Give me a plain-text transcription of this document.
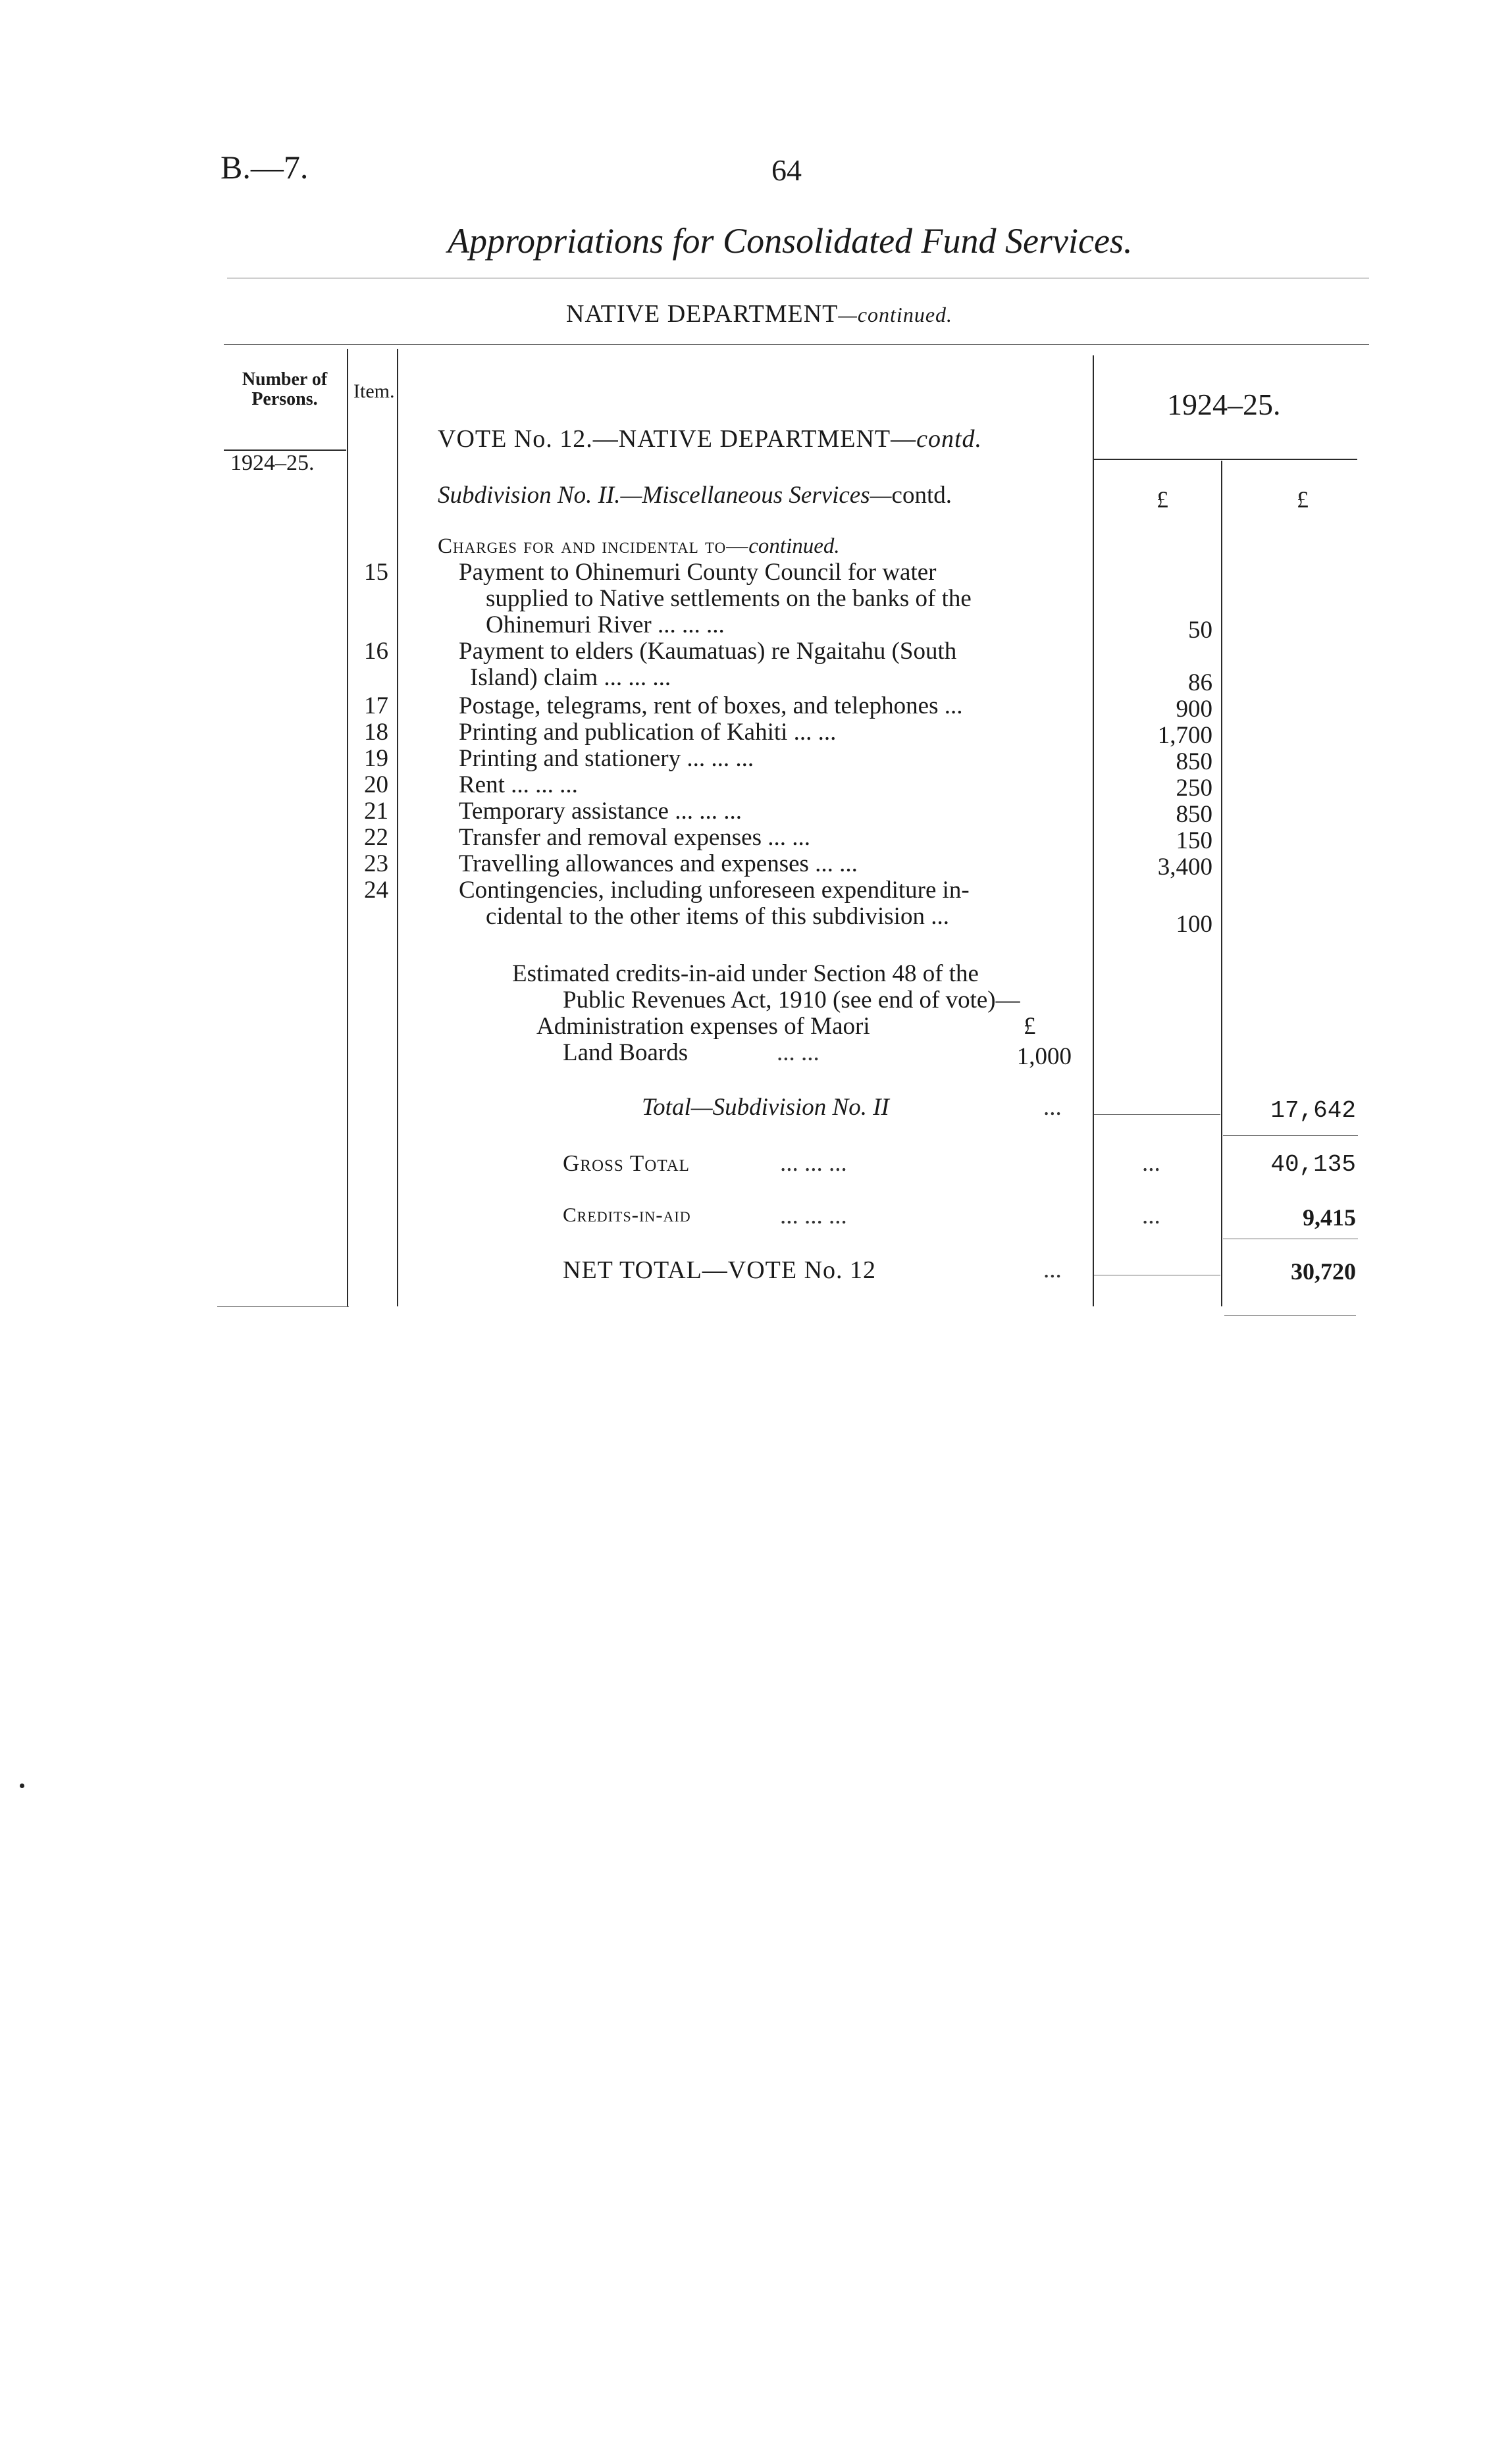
B.—7.	64
Appropriations for Consolidated Fund Services.
NATIVE DEPARTMENT—continued.
Number of Persons.	Item.	1924–25.
1924–25.
VOTE No. 12.—NATIVE DEPARTMENT—contd.
Subdivision No. II.—Miscellaneous Services—contd.	£	£
Charges for and incidental to—continued.
15	Payment to Ohinemuri County Council for water
supplied to Native settlements on the banks of the
Ohinemuri River ... ... ...	50
16	Payment to elders (Kaumatuas) re Ngaitahu (South
Island) claim ... ... ...	86
17	Postage, telegrams, rent of boxes, and telephones ...	900
18	Printing and publication of Kahiti ... ...	1,700
19	Printing and stationery ... ... ...	850
20	Rent ... ... ...	250
21	Temporary assistance ... ... ...	850
22	Transfer and removal expenses ... ...	150
23	Travelling allowances and expenses ... ...	3,400
24	Contingencies, including unforeseen expenditure in-
cidental to the other items of this subdivision ...	100
Estimated credits-in-aid under Section 48 of the
Public Revenues Act, 1910 (see end of vote)—
Administration expenses of Maori	£
Land Boards	... ...	1,000
Total—Subdivision No. II	...	17,642
Gross Total	... ... ...	...	40,135
Credits-in-aid	... ... ...	...	9,415
NET TOTAL—VOTE No. 12	...	30,720
